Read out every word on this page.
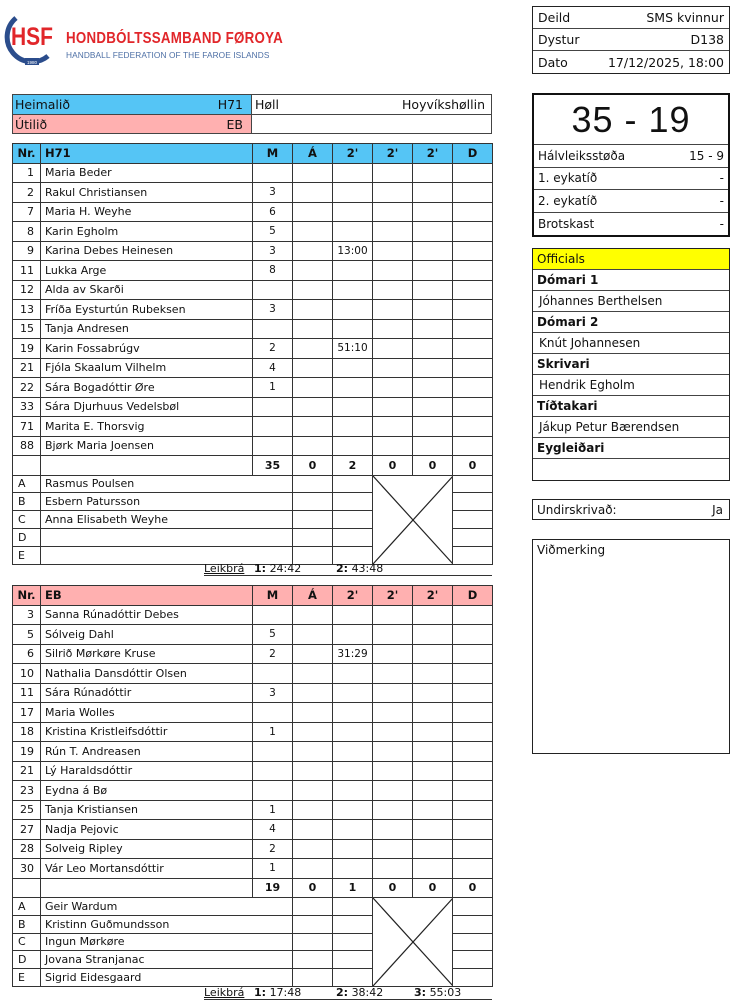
HSF
1980
HONDBÓLTSSAMBAND FØROYA
HANDBALL FEDERATION OF THE FAROE ISLANDS
Deild	SMS kvinnur
Dystur	D138
Dato	17/12/2025, 18:00
35 - 19
Hálvleiksstøða	15 - 9
1. eykatíð	-
2. eykatíð	-
Brotskast	-
Officials
Dómari 1
Jóhannes Berthelsen
Dómari 2
Knút Johannesen
Skrivari
Hendrik Egholm
Tíðtakari
Jákup Petur Bærendsen
Eygleiðari
Undirskrivað:	Ja
Viðmerking
Heimalið	H71 Høll	Hoyvíkshøllin
Útilið	EB
Nr.	H71	M	Á	2'	2'	2'	D
1	Maria Beder						
2	Rakul Christiansen	3					
7	Maria H. Weyhe	6					
8	Karin Egholm	5					
9	Karina Debes Heinesen	3		13:00			
11	Lukka Arge	8					
12	Alda av Skarði						
13	Fríða Eysturtún Rubeksen	3					
15	Tanja Andresen						
19	Karin Fossabrúgv	2		51:10			
21	Fjóla Skaalum Vilhelm	4					
22	Sára Bogadóttir Øre	1					
33	Sára Djurhuus Vedelsbøl						
71	Marita E. Thorsvig						
88	Bjørk Maria Joensen						
		35	0	2	0	0	0
A	Rasmus Poulsen			

B	Esbern Patursson						
C	Anna Elisabeth Weyhe						
D							
E							
Leikbrá 1: 24:42	2: 43:48
Nr.	EB	M	Á	2'	2'	2'	D
3	Sanna Rúnadóttir Debes						
5	Sólveig Dahl	5					
6	Silrið Mørkøre Kruse	2		31:29			
10	Nathalia Dansdóttir Olsen						
11	Sára Rúnadóttir	3					
17	Maria Wolles						
18	Kristina Kristleifsdóttir	1					
19	Rún T. Andreasen						
21	Lý Haraldsdóttir						
23	Eydna á Bø						
25	Tanja Kristiansen	1					
27	Nadja Pejovic	4					
28	Solveig Ripley	2					
30	Vár Leo Mortansdóttir	1					
		19	0	1	0	0	0
A	Geir Wardum			

B	Kristinn Guðmundsson						
C	Ingun Mørkøre						
D	Jovana Stranjanac						
E	Sigrid Eidesgaard						
Leikbrá 1: 17:48	2: 38:42	3: 55:03
